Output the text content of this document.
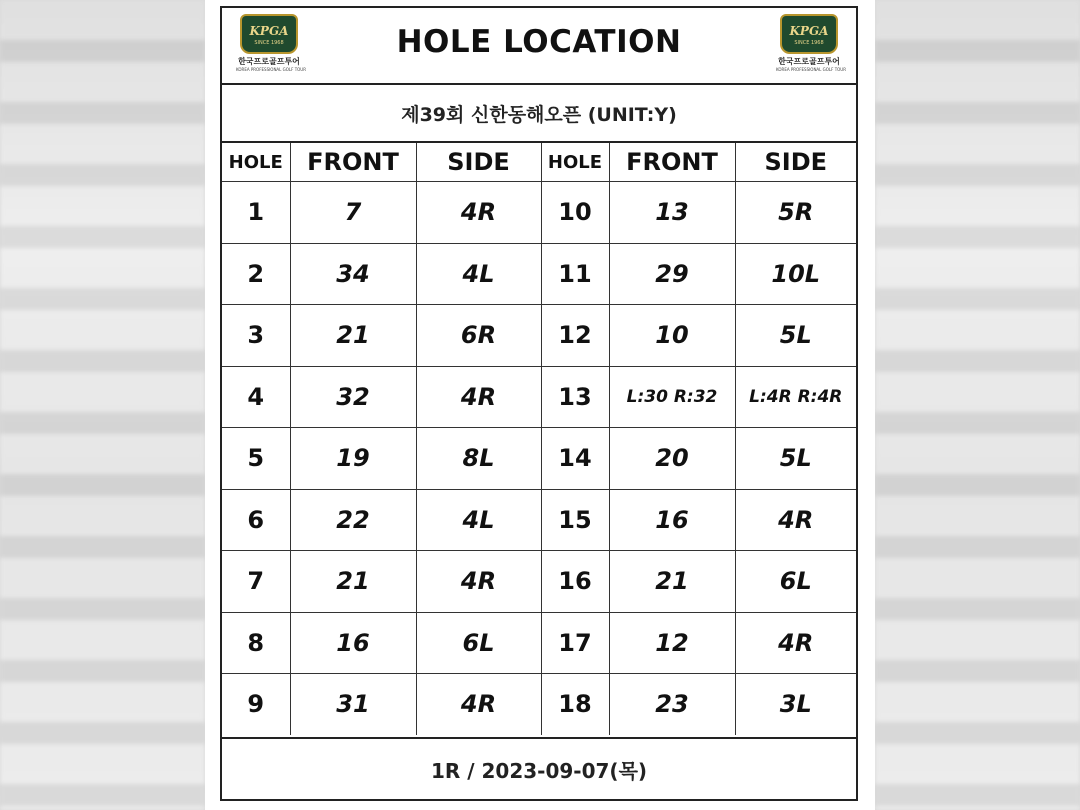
KPGA
SINCE 1968
한국프로골프투어
KOREA PROFESSIONAL GOLF TOUR
HOLE LOCATION	KPGA
SINCE 1968
한국프로골프투어
KOREA PROFESSIONAL GOLF TOUR
제39회 신한동해오픈 (UNIT:Y)
HOLE	FRONT	SIDE	HOLE	FRONT	SIDE
1	7	4R	10	13	5R
2	34	4L	11	29	10L
3	21	6R	12	10	5L
4	32	4R	13	L:30 R:32	L:4R R:4R
5	19	8L	14	20	5L
6	22	4L	15	16	4R
7	21	4R	16	21	6L
8	16	6L	17	12	4R
9	31	4R	18	23	3L
1R / 2023-09-07(목)
